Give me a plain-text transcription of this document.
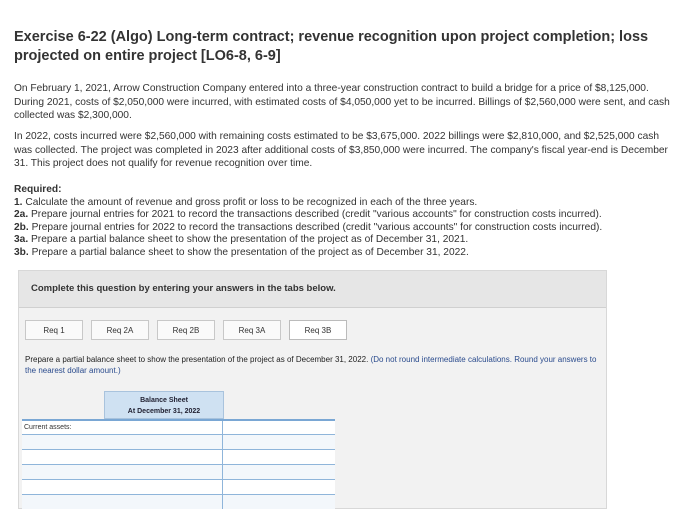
Exercise 6-22 (Algo) Long-term contract; revenue recognition upon project completion; loss projected on entire project [LO6-8, 6-9]
On February 1, 2021, Arrow Construction Company entered into a three-year construction contract to build a bridge for a price of $8,125,000. During 2021, costs of $2,050,000 were incurred, with estimated costs of $4,050,000 yet to be incurred. Billings of $2,560,000 were sent, and cash collected was $2,300,000.
In 2022, costs incurred were $2,560,000 with remaining costs estimated to be $3,675,000. 2022 billings were $2,810,000, and $2,525,000 cash was collected. The project was completed in 2023 after additional costs of $3,850,000 were incurred. The company's fiscal year-end is December 31. This project does not qualify for revenue recognition over time.
Required:
1. Calculate the amount of revenue and gross profit or loss to be recognized in each of the three years.
2a. Prepare journal entries for 2021 to record the transactions described (credit "various accounts" for construction costs incurred).
2b. Prepare journal entries for 2022 to record the transactions described (credit "various accounts" for construction costs incurred).
3a. Prepare a partial balance sheet to show the presentation of the project as of December 31, 2021.
3b. Prepare a partial balance sheet to show the presentation of the project as of December 31, 2022.
Complete this question by entering your answers in the tabs below.
Req 1	Req 2A	Req 2B	Req 3A	Req 3B
Prepare a partial balance sheet to show the presentation of the project as of December 31, 2022. (Do not round intermediate calculations. Round your answers to the nearest dollar amount.)
Balance Sheet
At December 31, 2022
Current assets:
